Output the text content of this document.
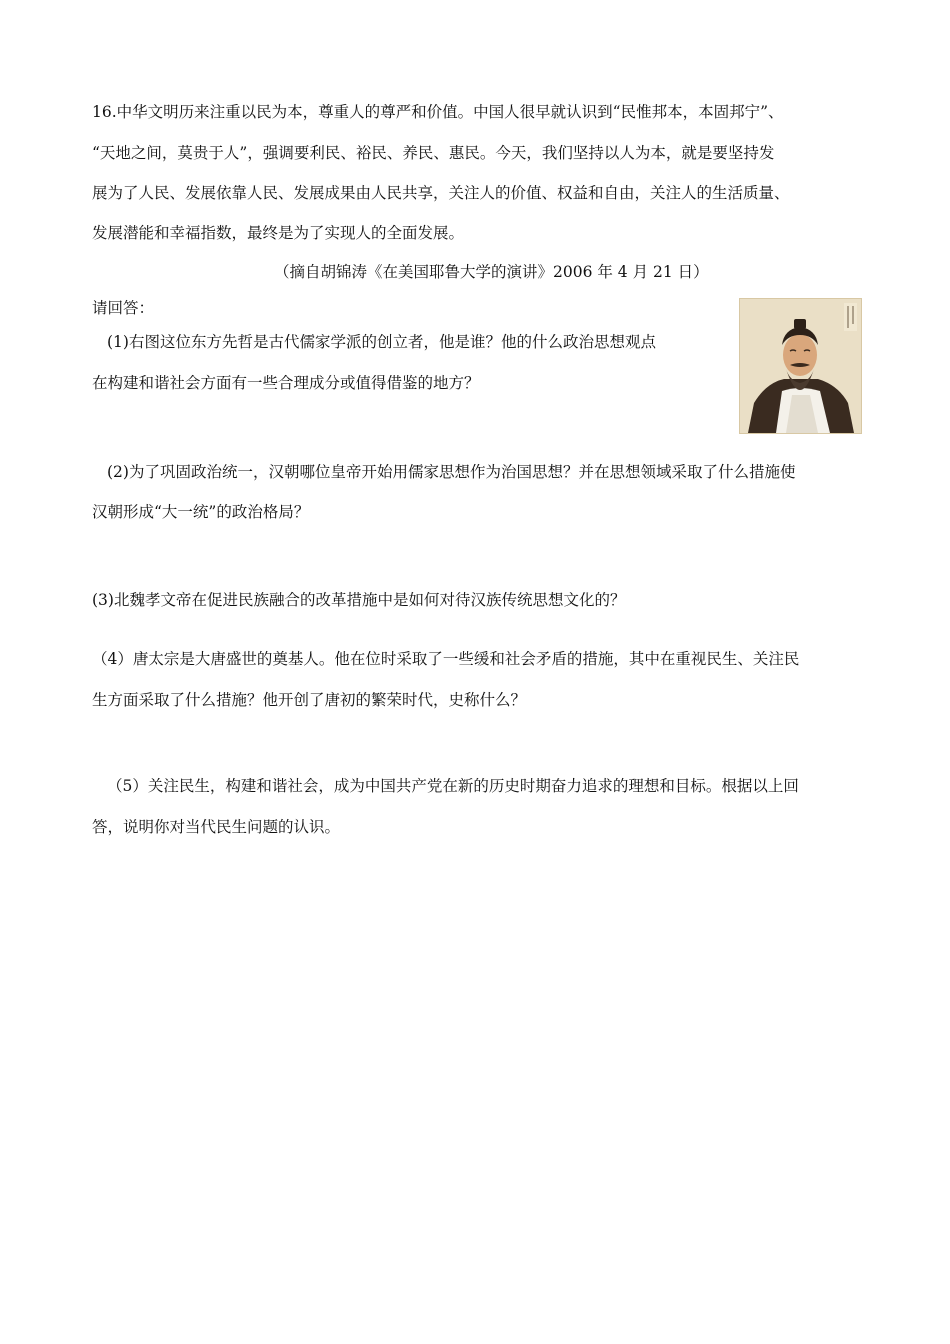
16.中华文明历来注重以民为本，尊重人的尊严和价值。中国人很早就认识到“民惟邦本，本固邦宁”、
“天地之间，莫贵于人”，强调要利民、裕民、养民、惠民。今天，我们坚持以人为本，就是要坚持发
展为了人民、发展依靠人民、发展成果由人民共享，关注人的价值、权益和自由，关注人的生活质量、
发展潜能和幸福指数，最终是为了实现人的全面发展。
（摘自胡锦涛《在美国耶鲁大学的演讲》2006 年 4 月 21 日）
请回答：
(1)右图这位东方先哲是古代儒家学派的创立者，他是谁？他的什么政治思想观点
在构建和谐社会方面有一些合理成分或值得借鉴的地方？
(2)为了巩固政治统一，汉朝哪位皇帝开始用儒家思想作为治国思想？并在思想领域采取了什么措施使
汉朝形成“大一统”的政治格局？
(3)北魏孝文帝在促进民族融合的改革措施中是如何对待汉族传统思想文化的？
（4）唐太宗是大唐盛世的奠基人。他在位时采取了一些缓和社会矛盾的措施，其中在重视民生、关注民
生方面采取了什么措施？他开创了唐初的繁荣时代，史称什么？
（5）关注民生，构建和谐社会，成为中国共产党在新的历史时期奋力追求的理想和目标。根据以上回
答，说明你对当代民生问题的认识。
